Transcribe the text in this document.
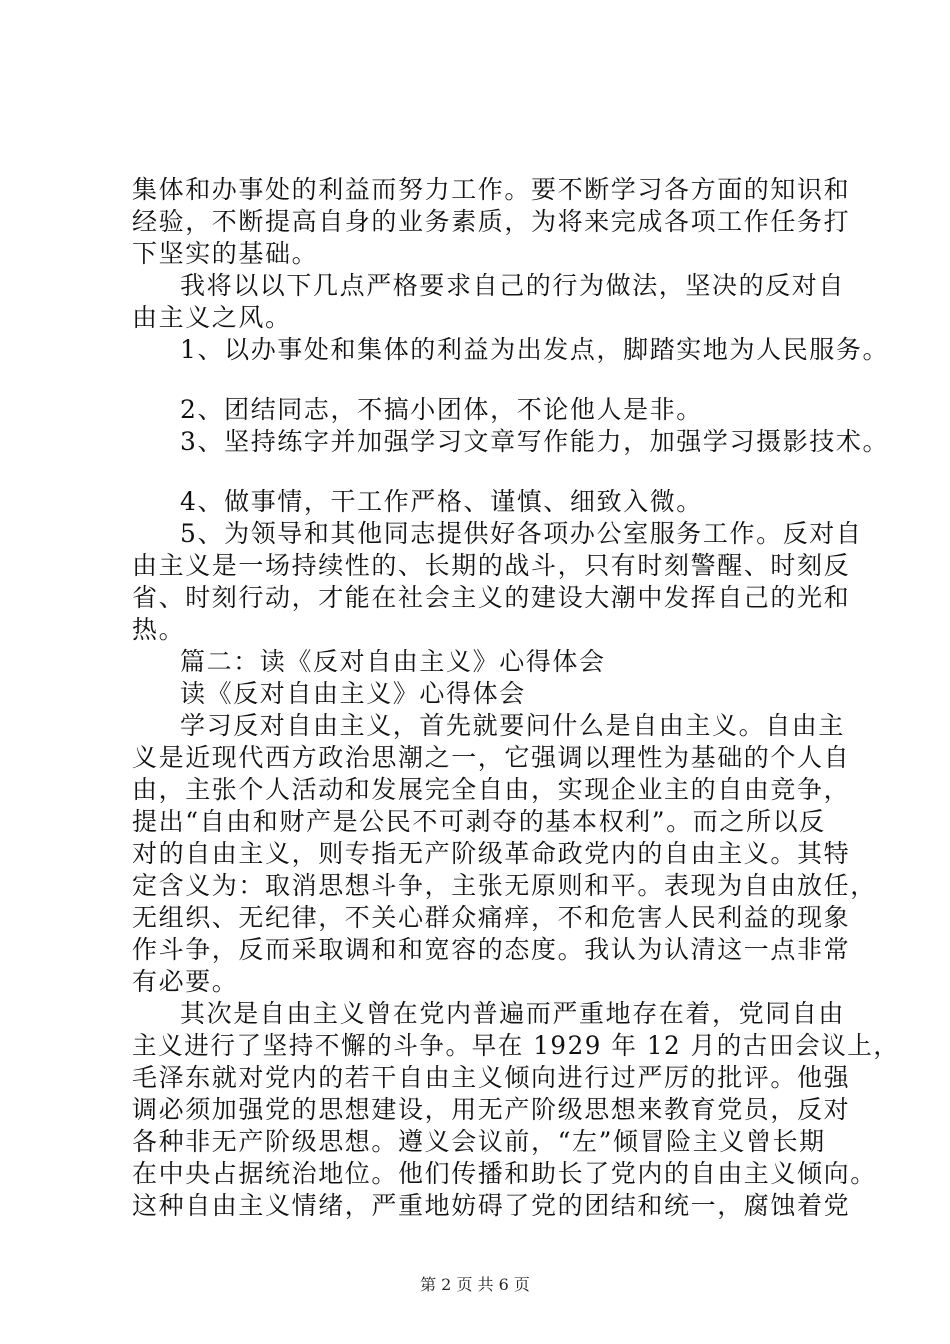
集体和办事处的利益而努力工作。要不断学习各方面的知识和
经验，不断提高自身的业务素质，为将来完成各项工作任务打
下坚实的基础。
我将以以下几点严格要求自己的行为做法，坚决的反对自
由主义之风。
1、以办事处和集体的利益为出发点，脚踏实地为人民服务。
2、团结同志，不搞小团体，不论他人是非。
3、坚持练字并加强学习文章写作能力，加强学习摄影技术。
4、做事情，干工作严格、谨慎、细致入微。
5、为领导和其他同志提供好各项办公室服务工作。反对自
由主义是一场持续性的、长期的战斗，只有时刻警醒、时刻反
省、时刻行动，才能在社会主义的建设大潮中发挥自己的光和
热。
篇二：读《反对自由主义》心得体会
读《反对自由主义》心得体会
学习反对自由主义，首先就要问什么是自由主义。自由主
义是近现代西方政治思潮之一，它强调以理性为基础的个人自
由，主张个人活动和发展完全自由，实现企业主的自由竞争，
提出“自由和财产是公民不可剥夺的基本权利”。而之所以反
对的自由主义，则专指无产阶级革命政党内的自由主义。其特
定含义为：取消思想斗争，主张无原则和平。表现为自由放任，
无组织、无纪律，不关心群众痛痒，不和危害人民利益的现象
作斗争，反而采取调和和宽容的态度。我认为认清这一点非常
有必要。
其次是自由主义曾在党内普遍而严重地存在着，党同自由
主义进行了坚持不懈的斗争。早在 1929 年 12 月的古田会议上，
毛泽东就对党内的若干自由主义倾向进行过严厉的批评。他强
调必须加强党的思想建设，用无产阶级思想来教育党员，反对
各种非无产阶级思想。遵义会议前，“左”倾冒险主义曾长期
在中央占据统治地位。他们传播和助长了党内的自由主义倾向。
这种自由主义情绪，严重地妨碍了党的团结和统一，腐蚀着党
第 2 页 共 6 页
